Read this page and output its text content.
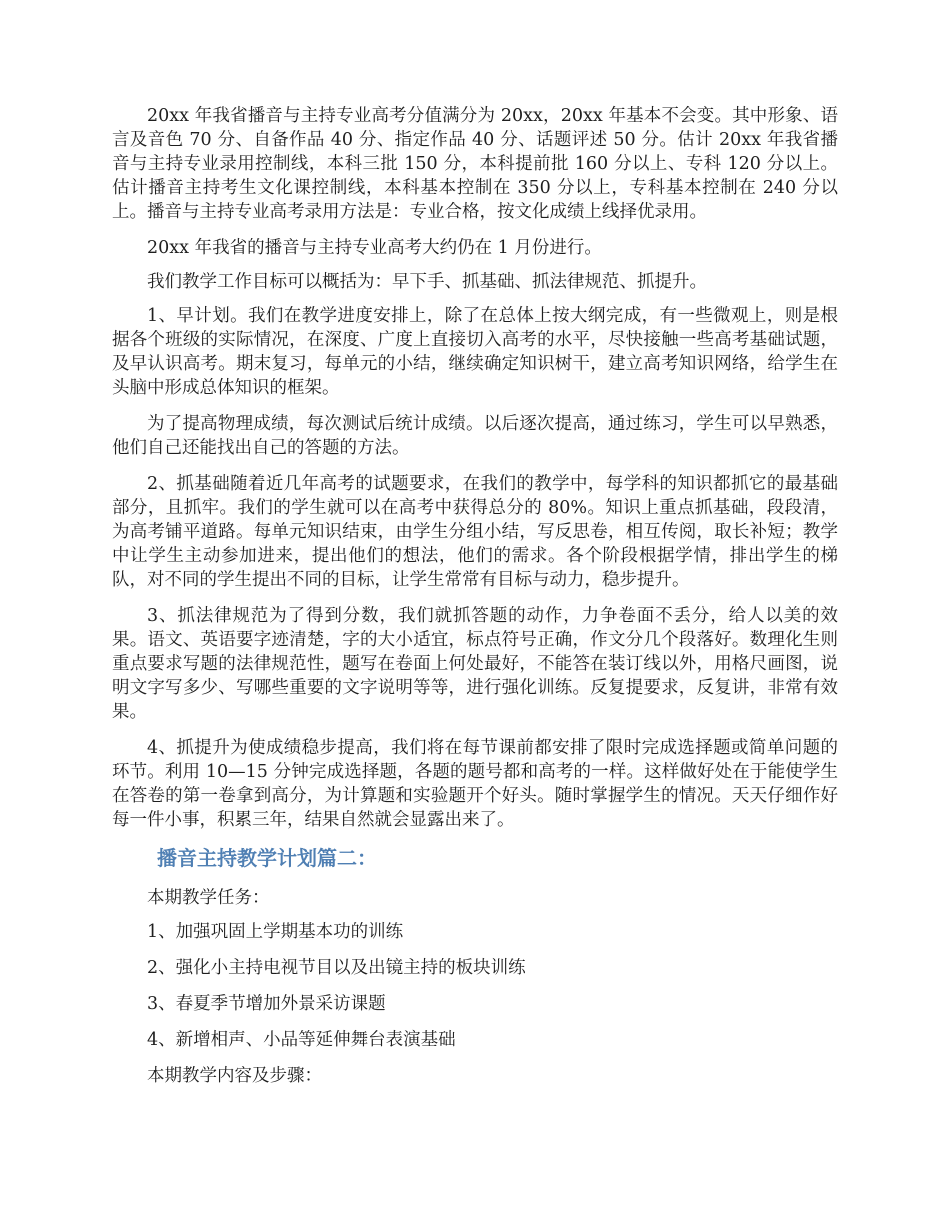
20xx 年我省播音与主持专业高考分值满分为 20xx，20xx 年基本不会变。其中形象、语言及音色 70 分、自备作品 40 分、指定作品 40 分、话题评述 50 分。估计 20xx 年我省播音与主持专业录用控制线，本科三批 150 分，本科提前批 160 分以上、专科 120 分以上。估计播音主持考生文化课控制线，本科基本控制在 350 分以上，专科基本控制在 240 分以上。播音与主持专业高考录用方法是：专业合格，按文化成绩上线择优录用。

20xx 年我省的播音与主持专业高考大约仍在 1 月份进行。

我们教学工作目标可以概括为：早下手、抓基础、抓法律规范、抓提升。

1、早计划。我们在教学进度安排上，除了在总体上按大纲完成，有一些微观上，则是根据各个班级的实际情况，在深度、广度上直接切入高考的水平，尽快接触一些高考基础试题，及早认识高考。期末复习，每单元的小结，继续确定知识树干，建立高考知识网络，给学生在头脑中形成总体知识的框架。

为了提高物理成绩，每次测试后统计成绩。以后逐次提高，通过练习，学生可以早熟悉，他们自己还能找出自己的答题的方法。

2、抓基础随着近几年高考的试题要求，在我们的教学中，每学科的知识都抓它的最基础部分，且抓牢。我们的学生就可以在高考中获得总分的 80%。知识上重点抓基础，段段清，为高考铺平道路。每单元知识结束，由学生分组小结，写反思卷，相互传阅，取长补短；教学中让学生主动参加进来，提出他们的想法，他们的需求。各个阶段根据学情，排出学生的梯队，对不同的学生提出不同的目标，让学生常常有目标与动力，稳步提升。

3、抓法律规范为了得到分数，我们就抓答题的动作，力争卷面不丢分，给人以美的效果。语文、英语要字迹清楚，字的大小适宜，标点符号正确，作文分几个段落好。数理化生则重点要求写题的法律规范性，题写在卷面上何处最好，不能答在装订线以外，用格尺画图，说明文字写多少、写哪些重要的文字说明等等，进行强化训练。反复提要求，反复讲，非常有效果。

4、抓提升为使成绩稳步提高，我们将在每节课前都安排了限时完成选择题或简单问题的环节。利用 10—15 分钟完成选择题，各题的题号都和高考的一样。这样做好处在于能使学生在答卷的第一卷拿到高分，为计算题和实验题开个好头。随时掌握学生的情况。天天仔细作好每一件小事，积累三年，结果自然就会显露出来了。

播音主持教学计划篇二：

本期教学任务：

1、加强巩固上学期基本功的训练
2、强化小主持电视节目以及出镜主持的板块训练
3、春夏季节增加外景采访课题
4、新增相声、小品等延伸舞台表演基础

本期教学内容及步骤：
